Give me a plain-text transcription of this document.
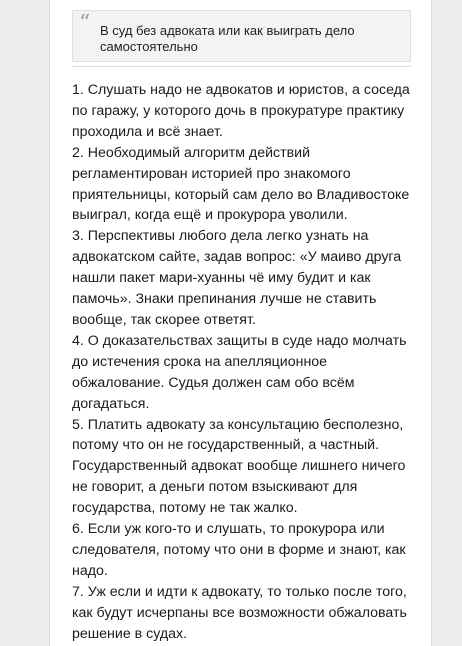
“ В суд без адвоката или как выиграть дело
самостоятельно
1. Слушать надо не адвокатов и юристов, а соседа
по гаражу, у которого дочь в прокуратуре практику
проходила и всё знает.
2. Необходимый алгоритм действий
регламентирован историей про знакомого
приятельницы, который сам дело во Владивостоке
выиграл, когда ещё и прокурора уволили.
3. Перспективы любого дела легко узнать на
адвокатском сайте, задав вопрос: «У маиво друга
нашли пакет мари-хуанны чё иму будит и как
памочь». Знаки препинания лучше не ставить
вообще, так скорее ответят.
4. О доказательствах защиты в суде надо молчать
до истечения срока на апелляционное
обжалование. Судья должен сам обо всём
догадаться.
5. Платить адвокату за консультацию бесполезно,
потому что он не государственный, а частный.
Государственный адвокат вообще лишнего ничего
не говорит, а деньги потом взыскивают для
государства, потому не так жалко.
6. Если уж кого-то и слушать, то прокурора или
следователя, потому что они в форме и знают, как
надо.
7. Уж если и идти к адвокату, то только после того,
как будут исчерпаны все возможности обжаловать
решение в судах.
